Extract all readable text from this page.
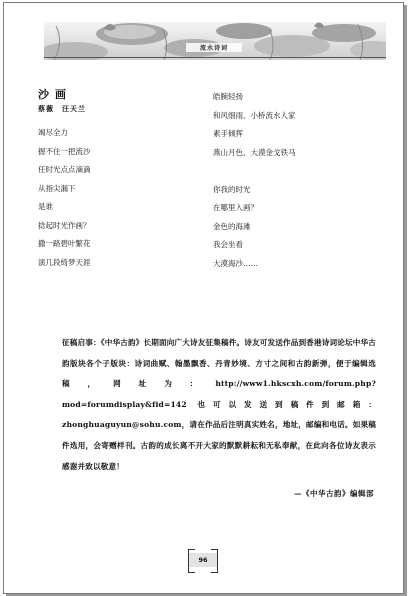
流水诗词
沙画
蔡薇　汪天兰
竭尽全力
握不住一把流沙
任时光点点滴滴
从指尖漏下
是谁
捻起时光作画？
撒一路碧叶繁花
演几段绮梦天涯
皓腕轻扬
和风细雨、小桥流水人家
素手倾挥
燕山月色、大漠金戈铁马
你我的时光
在哪里入画？
金色的海滩
我会坐看
大漠海沙……
征稿启事：《中华古韵》长期面向广大诗友征集稿件。诗友可发送作品到香港诗词论坛中华古韵版块各个子版块：诗词曲赋、翰墨飘香、丹青妙境、方寸之间和古韵新弹，便于编辑选稿，网址为：http://www1.hkscxh.com/forum.php?mod=forumdisplay&fid=142 也可以发送到稿件到邮箱：zhonghuaguyun@sohu.com，请在作品后注明真实姓名，地址，邮编和电话。如果稿件选用，会寄赠样刊。古韵的成长离不开大家的默默耕耘和无私奉献，在此向各位诗友表示感谢并致以敬意！
—《中华古韵》编辑部
96
